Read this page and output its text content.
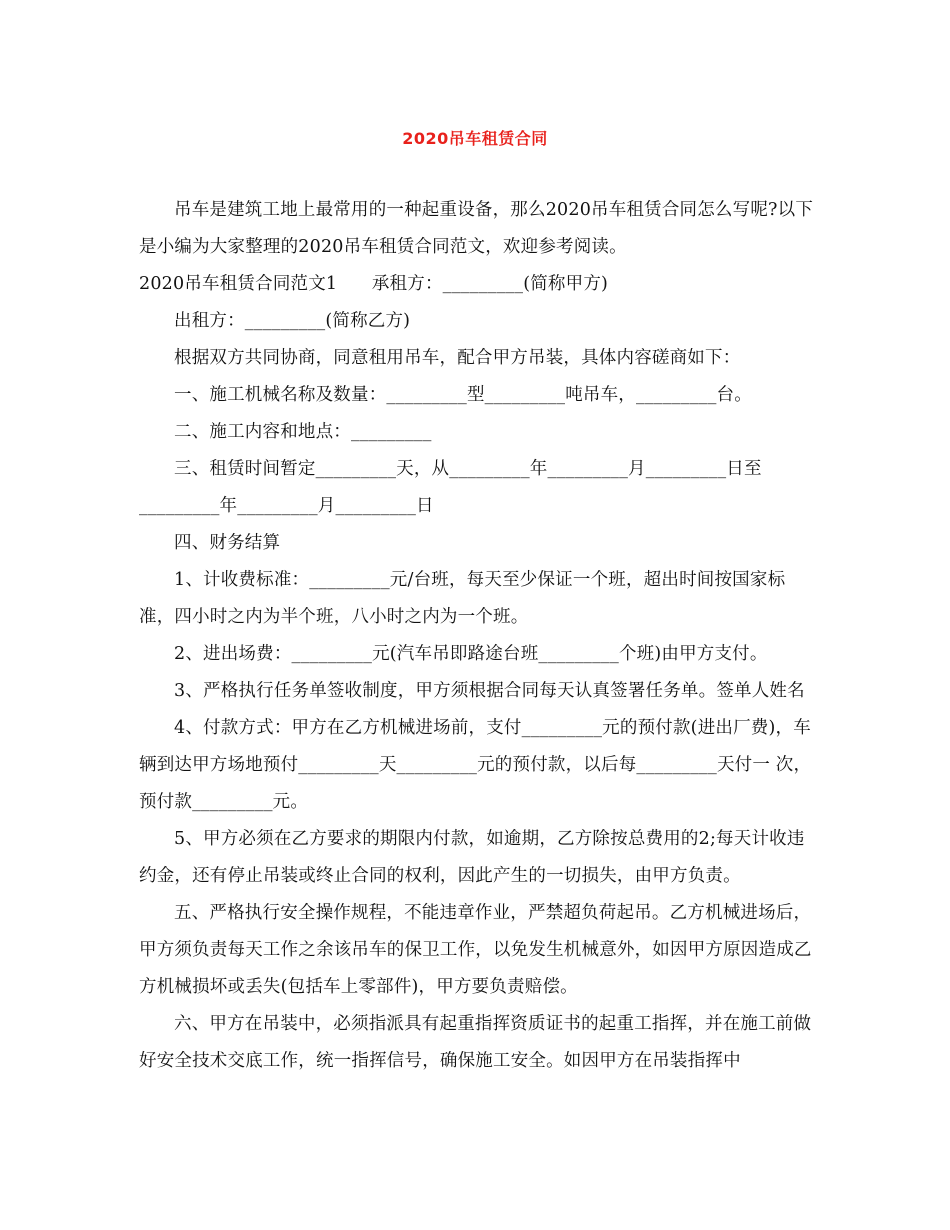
2020吊车租赁合同

吊车是建筑工地上最常用的一种起重设备，那么2020吊车租赁合同怎么写呢?以下是小编为大家整理的2020吊车租赁合同范文，欢迎参考阅读。

2020吊车租赁合同范文1      承租方：_________(简称甲方)

出租方：_________(简称乙方)

根据双方共同协商，同意租用吊车，配合甲方吊装，具体内容磋商如下：

一、施工机械名称及数量：_________型_________吨吊车，_________台。

二、施工内容和地点：_________

三、租赁时间暂定_________天，从_________年_________月_________日至_________年_________月_________日

四、财务结算

1、计收费标准：_________元/台班，每天至少保证一个班，超出时间按国家标准，四小时之内为半个班，八小时之内为一个班。

2、进出场费：_________元(汽车吊即路途台班_________个班)由甲方支付。

3、严格执行任务单签收制度，甲方须根据合同每天认真签署任务单。签单人姓名

4、付款方式：甲方在乙方机械进场前，支付_________元的预付款(进出厂费)，车辆到达甲方场地预付_________天_________元的预付款，以后每_________天付一 次，预付款_________元。

5、甲方必须在乙方要求的期限内付款，如逾期，乙方除按总费用的2;每天计收违约金，还有停止吊装或终止合同的权利，因此产生的一切损失，由甲方负责。

五、严格执行安全操作规程，不能违章作业，严禁超负荷起吊。乙方机械进场后，甲方须负责每天工作之余该吊车的保卫工作，以免发生机械意外，如因甲方原因造成乙方机械损坏或丢失(包括车上零部件)，甲方要负责赔偿。

六、甲方在吊装中，必须指派具有起重指挥资质证书的起重工指挥，并在施工前做好安全技术交底工作，统一指挥信号，确保施工安全。如因甲方在吊装指挥中
